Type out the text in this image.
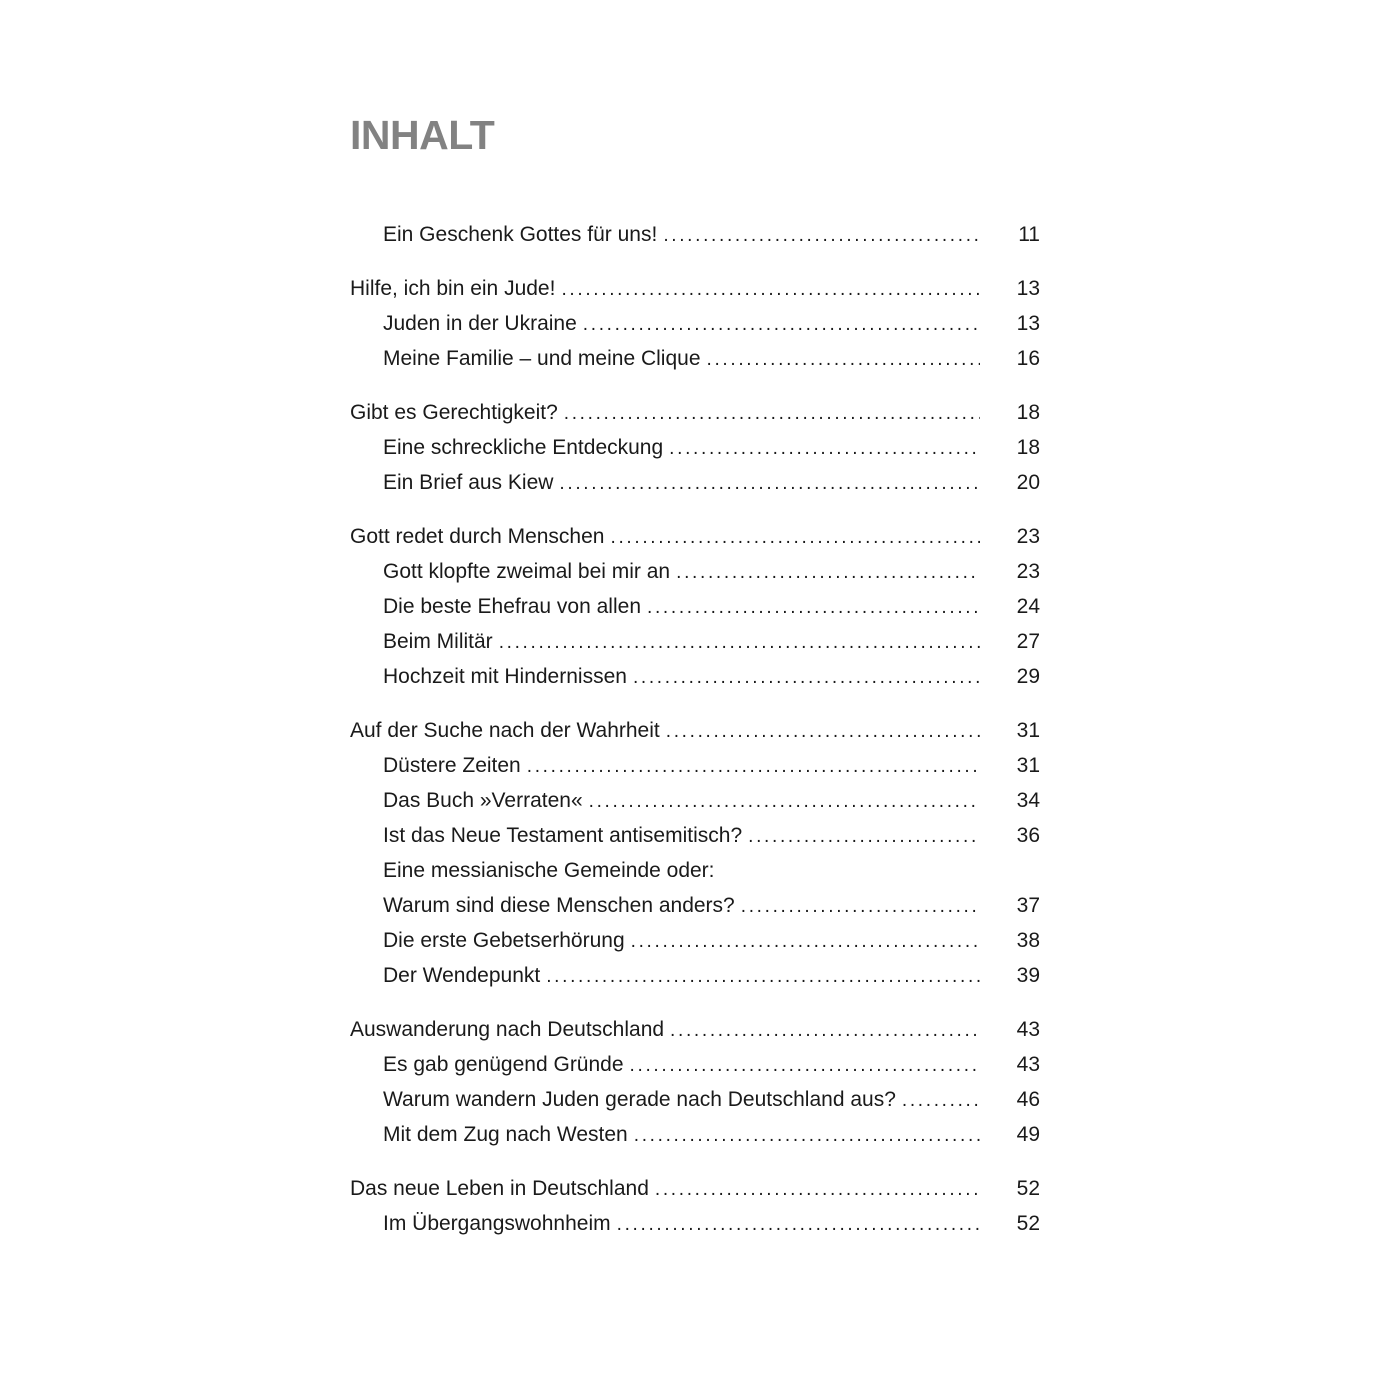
INHALT
Ein Geschenk Gottes für uns! . . .	11
Hilfe, ich bin ein Jude! . . .	13
Juden in der Ukraine . . .	13
Meine Familie – und meine Clique . . .	16
Gibt es Gerechtigkeit? . . .	18
Eine schreckliche Entdeckung . . .	18
Ein Brief aus Kiew . . .	20
Gott redet durch Menschen . . .	23
Gott klopfte zweimal bei mir an . . .	23
Die beste Ehefrau von allen . . .	24
Beim Militär . . .	27
Hochzeit mit Hindernissen . . .	29
Auf der Suche nach der Wahrheit . . .	31
Düstere Zeiten . . .	31
Das Buch »Verraten« . . .	34
Ist das Neue Testament antisemitisch? . . .	36
Eine messianische Gemeinde oder:
Warum sind diese Menschen anders? . . .	37
Die erste Gebetserhörung . . .	38
Der Wendepunkt . . .	39
Auswanderung nach Deutschland . . .	43
Es gab genügend Gründe . . .	43
Warum wandern Juden gerade nach Deutschland aus? . . .	46
Mit dem Zug nach Westen . . .	49
Das neue Leben in Deutschland . . .	52
Im Übergangswohnheim . . .	52
